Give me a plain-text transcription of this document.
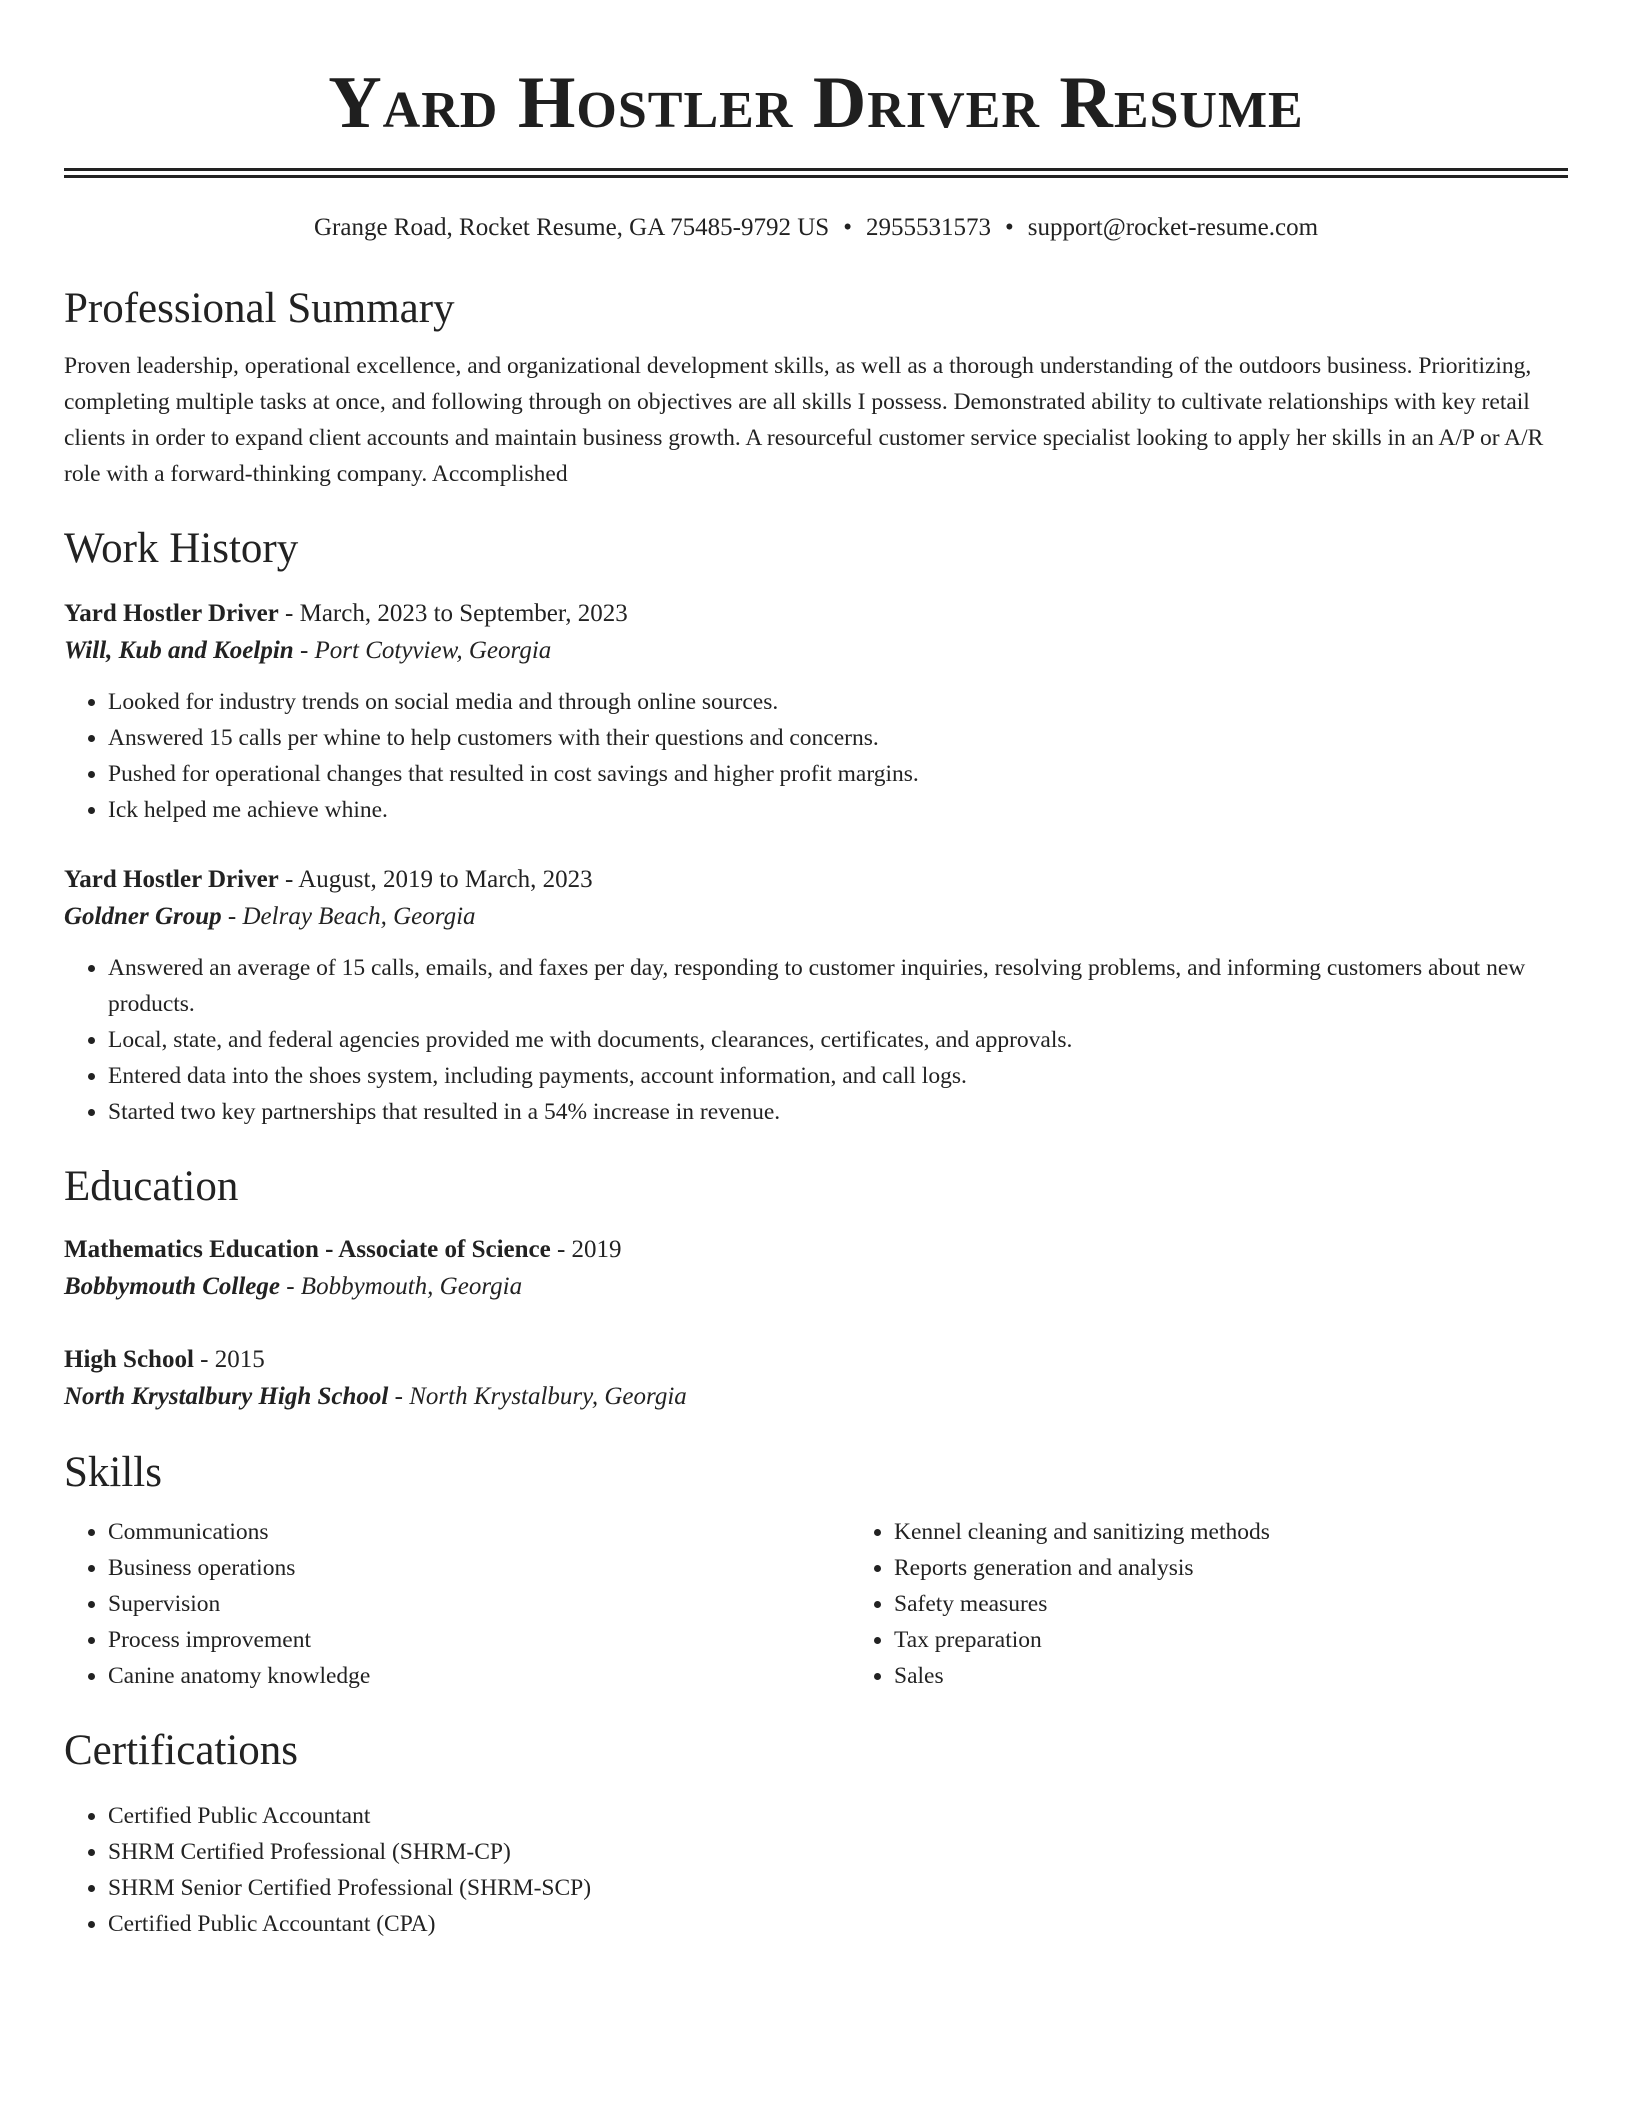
Yard Hostler Driver Resume
Grange Road, Rocket Resume, GA 75485-9792 US • 2955531573 • support@rocket-resume.com
Professional Summary

Proven leadership, operational excellence, and organizational development skills, as well as a thorough understanding of the outdoors business. Prioritizing, completing multiple tasks at once, and following through on objectives are all skills I possess. Demonstrated ability to cultivate relationships with key retail clients in order to expand client accounts and maintain business growth. A resourceful customer service specialist looking to apply her skills in an A/P or A/R role with a forward-thinking company. Accomplished

Work History
Yard Hostler Driver - March, 2023 to September, 2023
Will, Kub and Koelpin - Port Cotyview, Georgia
• Looked for industry trends on social media and through online sources.
• Answered 15 calls per whine to help customers with their questions and concerns.
• Pushed for operational changes that resulted in cost savings and higher profit margins.
• Ick helped me achieve whine.
Yard Hostler Driver - August, 2019 to March, 2023
Goldner Group - Delray Beach, Georgia
• Answered an average of 15 calls, emails, and faxes per day, responding to customer inquiries, resolving problems, and informing customers about new products.
• Local, state, and federal agencies provided me with documents, clearances, certificates, and approvals.
• Entered data into the shoes system, including payments, account information, and call logs.
• Started two key partnerships that resulted in a 54% increase in revenue.
Education
Mathematics Education - Associate of Science - 2019
Bobbymouth College - Bobbymouth, Georgia
High School - 2015
North Krystalbury High School - North Krystalbury, Georgia
Skills
• Communications
• Business operations
• Supervision
• Process improvement
• Canine anatomy knowledge
• Kennel cleaning and sanitizing methods
• Reports generation and analysis
• Safety measures
• Tax preparation
• Sales
Certifications
• Certified Public Accountant
• SHRM Certified Professional (SHRM-CP)
• SHRM Senior Certified Professional (SHRM-SCP)
• Certified Public Accountant (CPA)
